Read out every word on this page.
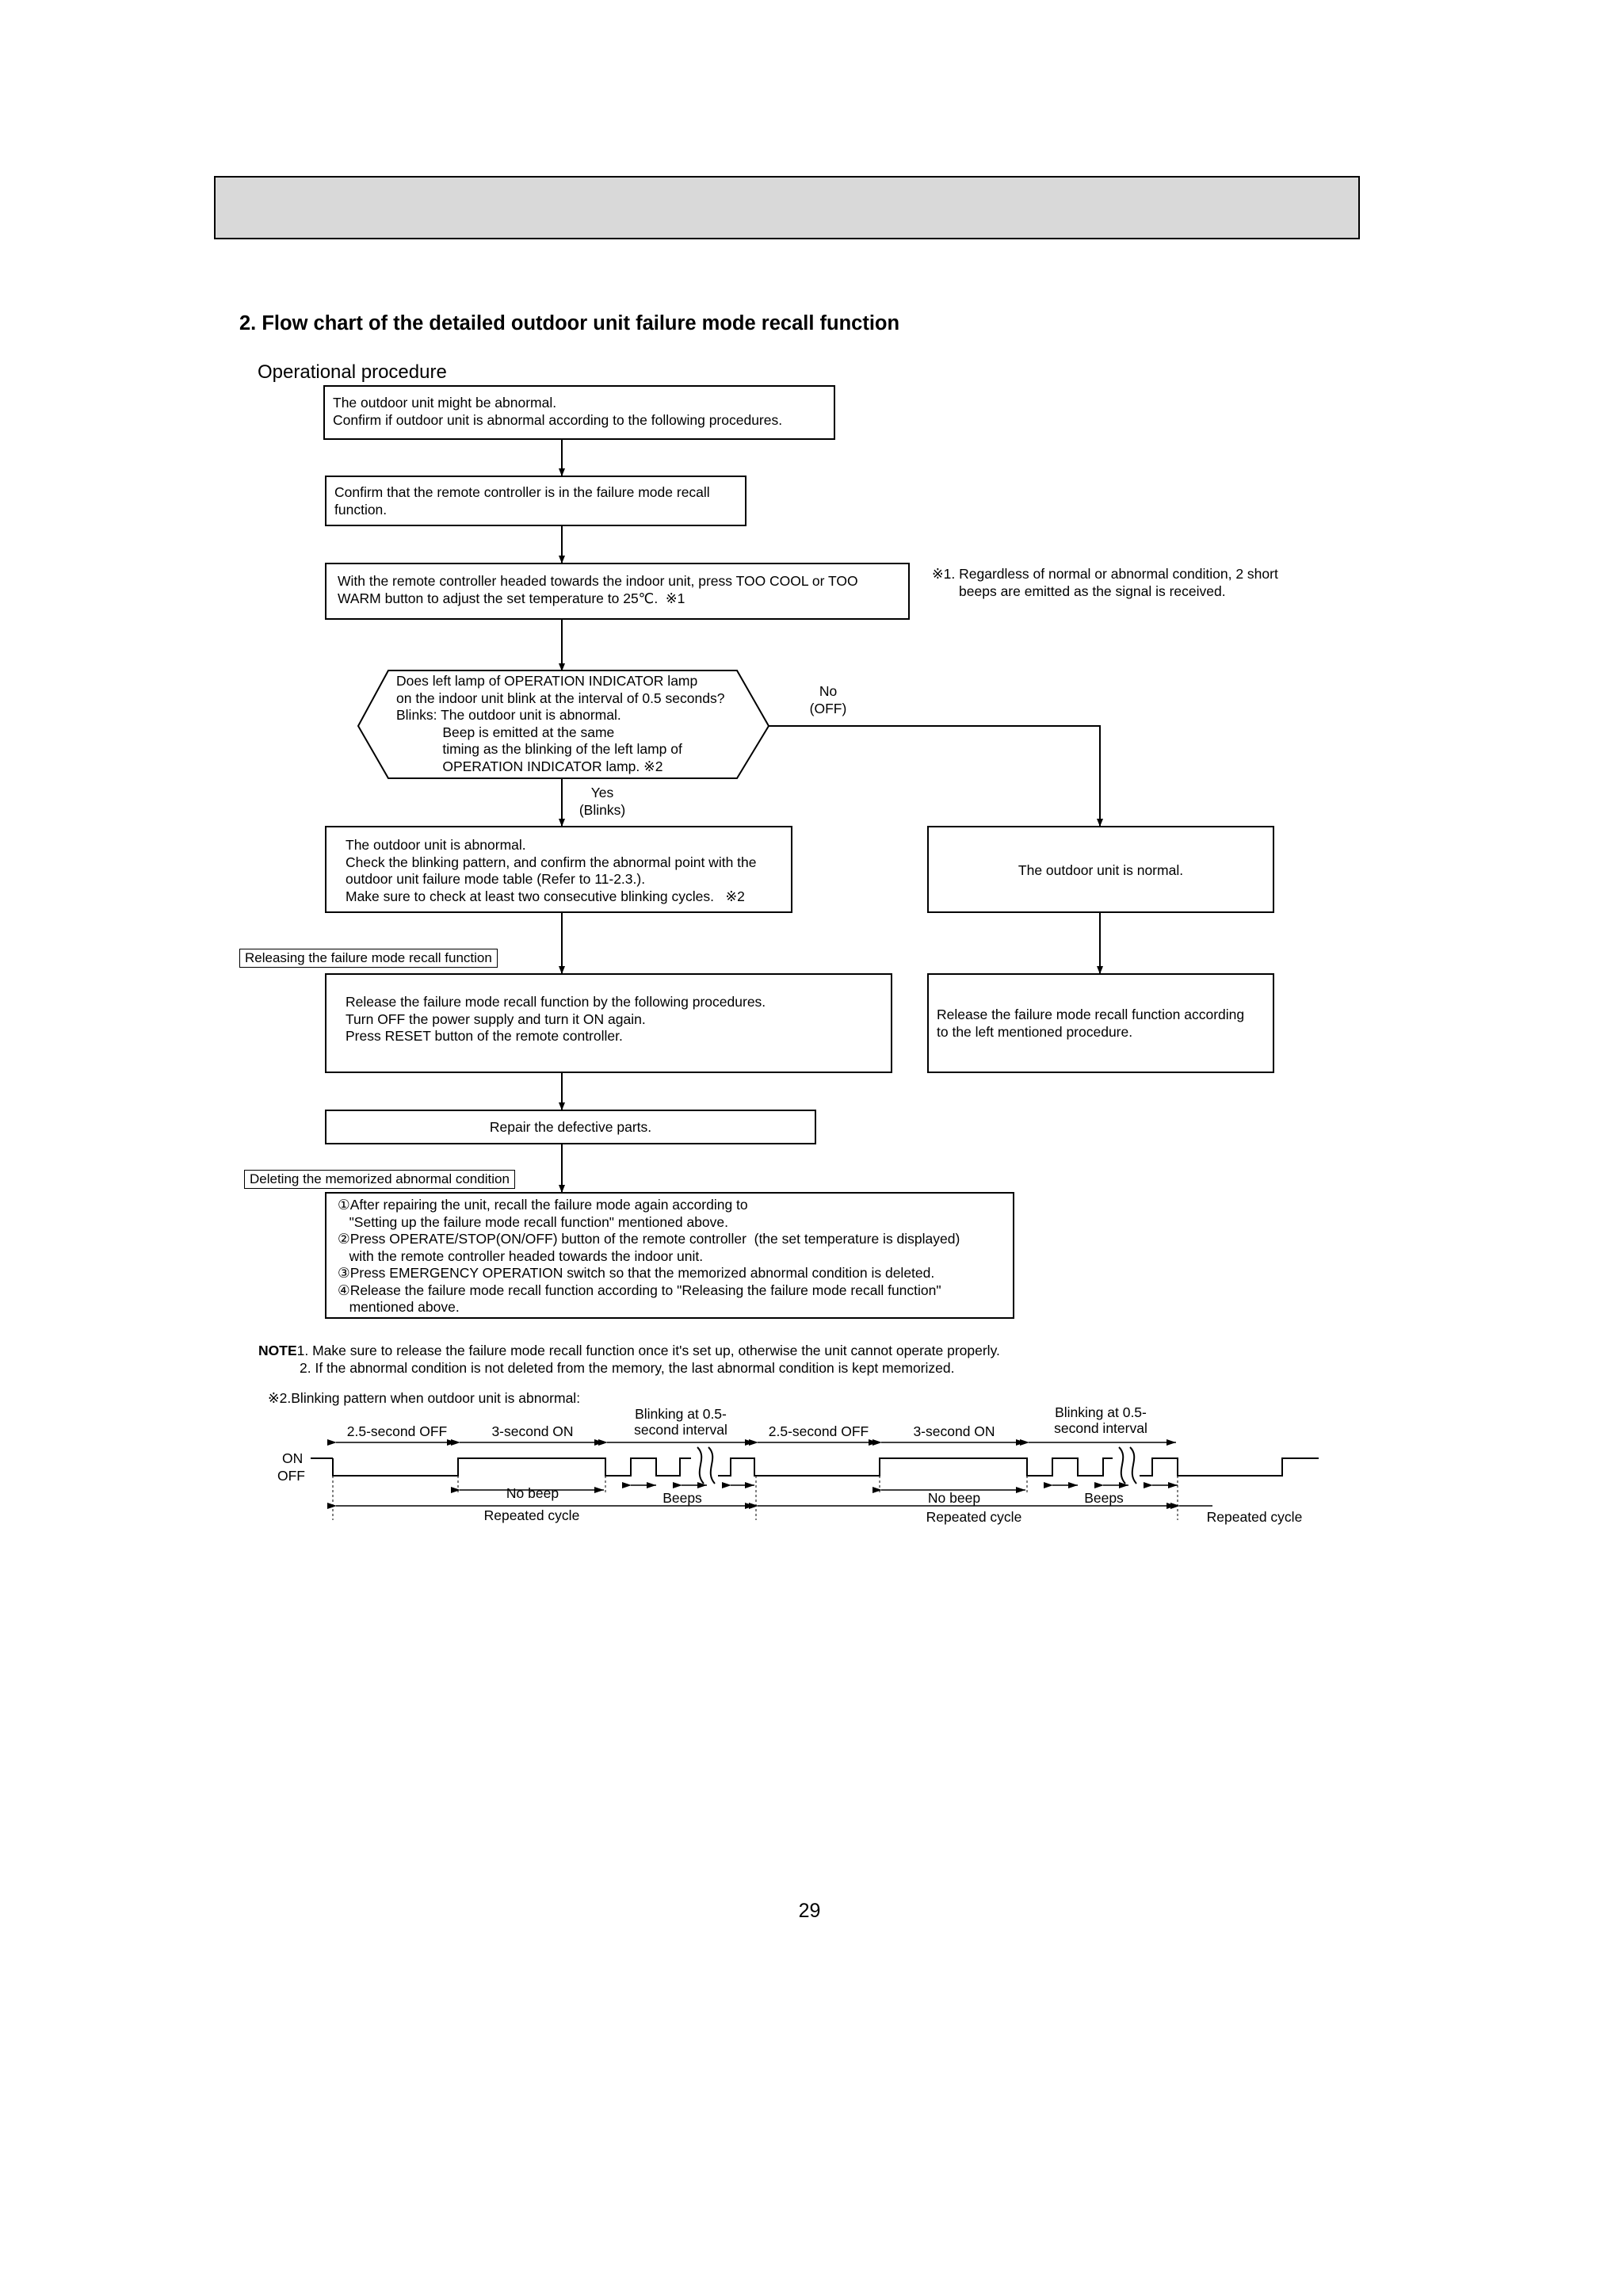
2. Flow chart of the detailed outdoor unit failure mode recall function
Operational procedure
The outdoor unit might be abnormal.
Confirm if outdoor unit is abnormal according to the following procedures.
Confirm that the remote controller is in the failure mode recall
function.
With the remote controller headed towards the indoor unit, press TOO COOL or TOO
WARM button to adjust the set temperature to 25℃.  ※1
※1. Regardless of normal or abnormal condition, 2 short
beeps are emitted as the signal is received.
Does left lamp of OPERATION INDICATOR lamp
on the indoor unit blink at the interval of 0.5 seconds?
Blinks: The outdoor unit is abnormal.
Beep is emitted at the same
timing as the blinking of the left lamp of
OPERATION INDICATOR lamp. ※2
No
(OFF)
Yes
(Blinks)
The outdoor unit is abnormal.
Check the blinking pattern, and confirm the abnormal point with the
outdoor unit failure mode table (Refer to 11-2.3.).
Make sure to check at least two consecutive blinking cycles.   ※2
The outdoor unit is normal.
Releasing the failure mode recall function
Release the failure mode recall function by the following procedures.
Turn OFF the power supply and turn it ON again.
Press RESET button of the remote controller.
Release the failure mode recall function according
to the left mentioned procedure.
Repair the defective parts.
Deleting the memorized abnormal condition
①After repairing the unit, recall the failure mode again according to
"Setting up the failure mode recall function" mentioned above.
②Press OPERATE/STOP(ON/OFF) button of the remote controller  (the set temperature is displayed)
with the remote controller headed towards the indoor unit.
③Press EMERGENCY OPERATION switch so that the memorized abnormal condition is deleted.
④Release the failure mode recall function according to "Releasing the failure mode recall function"
mentioned above.
NOTE1. Make sure to release the failure mode recall function once it's set up, otherwise the unit cannot operate properly.
2. If the abnormal condition is not deleted from the memory, the last abnormal condition is kept memorized.
※2.Blinking pattern when outdoor unit is abnormal:
ON
OFF
2.5-second OFF	3-second ON
Blinking at 0.5-
second interval	2.5-second OFF	3-second ON
Blinking at 0.5-
second interval
No beep	Beeps	No beep	Beeps
Repeated cycle	Repeated cycle	Repeated cycle
29
